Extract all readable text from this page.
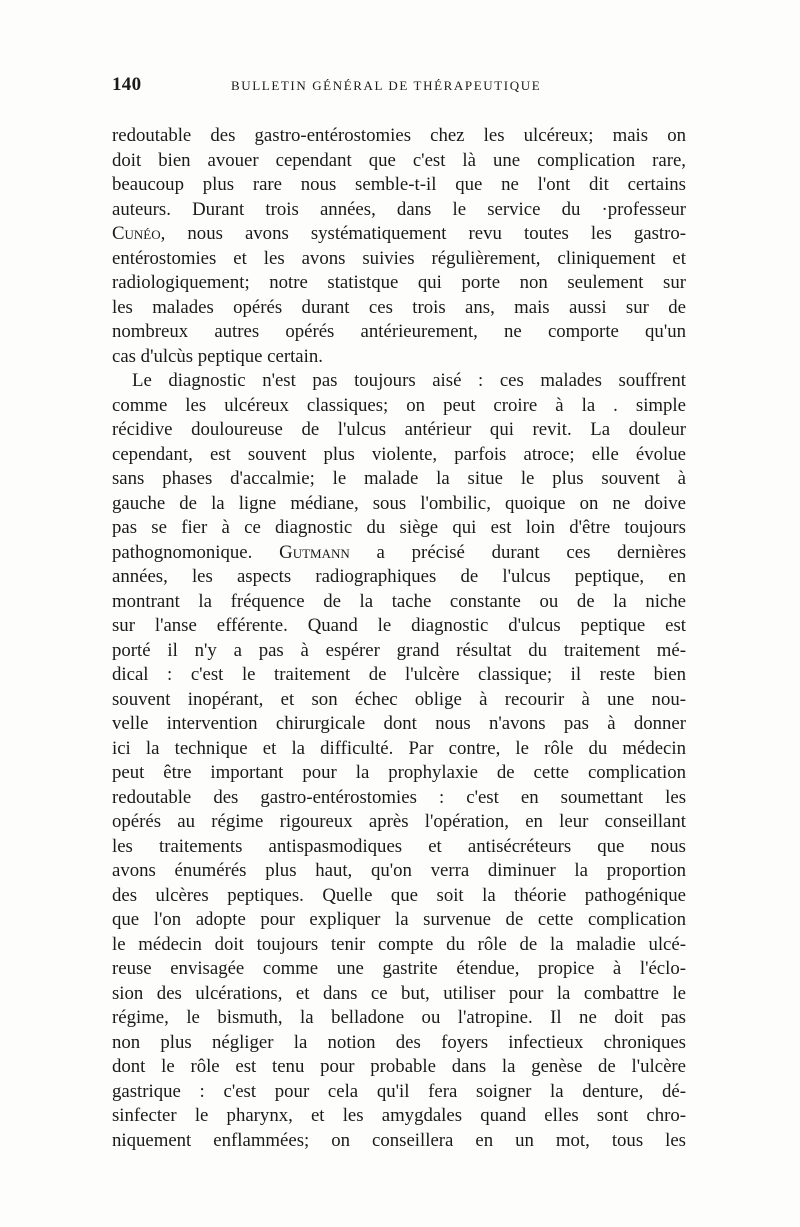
140	BULLETIN GÉNÉRAL DE THÉRAPEUTIQUE
redoutable des gastro-entérostomies chez les ulcéreux; mais on
doit bien avouer cependant que c'est là une complication rare,
beaucoup plus rare nous semble-t-il que ne l'ont dit certains
auteurs. Durant trois années, dans le service du ·professeur
Cunéo, nous avons systématiquement revu toutes les gastro-
entérostomies et les avons suivies régulièrement, cliniquement et
radiologiquement; notre statistque qui porte non seulement sur
les malades opérés durant ces trois ans, mais aussi sur de
nombreux autres opérés antérieurement, ne comporte qu'un
cas d'ulcùs peptique certain.
Le diagnostic n'est pas toujours aisé : ces malades souffrent
comme les ulcéreux classiques; on peut croire à la . simple
récidive douloureuse de l'ulcus antérieur qui revit. La douleur
cependant, est souvent plus violente, parfois atroce; elle évolue
sans phases d'accalmie; le malade la situe le plus souvent à
gauche de la ligne médiane, sous l'ombilic, quoique on ne doive
pas se fier à ce diagnostic du siège qui est loin d'être toujours
pathognomonique. Gutmann a précisé durant ces dernières
années, les aspects radiographiques de l'ulcus peptique, en
montrant la fréquence de la tache constante ou de la niche
sur l'anse efférente. Quand le diagnostic d'ulcus peptique est
porté il n'y a pas à espérer grand résultat du traitement mé-
dical : c'est le traitement de l'ulcère classique; il reste bien
souvent inopérant, et son échec oblige à recourir à une nou-
velle intervention chirurgicale dont nous n'avons pas à donner
ici la technique et la difficulté. Par contre, le rôle du médecin
peut être important pour la prophylaxie de cette complication
redoutable des gastro-entérostomies : c'est en soumettant les
opérés au régime rigoureux après l'opération, en leur conseillant
les traitements antispasmodiques et antisécréteurs que nous
avons énumérés plus haut, qu'on verra diminuer la proportion
des ulcères peptiques. Quelle que soit la théorie pathogénique
que l'on adopte pour expliquer la survenue de cette complication
le médecin doit toujours tenir compte du rôle de la maladie ulcé-
reuse envisagée comme une gastrite étendue, propice à l'éclo-
sion des ulcérations, et dans ce but, utiliser pour la combattre le
régime, le bismuth, la belladone ou l'atropine. Il ne doit pas
non plus négliger la notion des foyers infectieux chroniques
dont le rôle est tenu pour probable dans la genèse de l'ulcère
gastrique : c'est pour cela qu'il fera soigner la denture, dé-
sinfecter le pharynx, et les amygdales quand elles sont chro-
niquement enflammées; on conseillera en un mot, tous les
